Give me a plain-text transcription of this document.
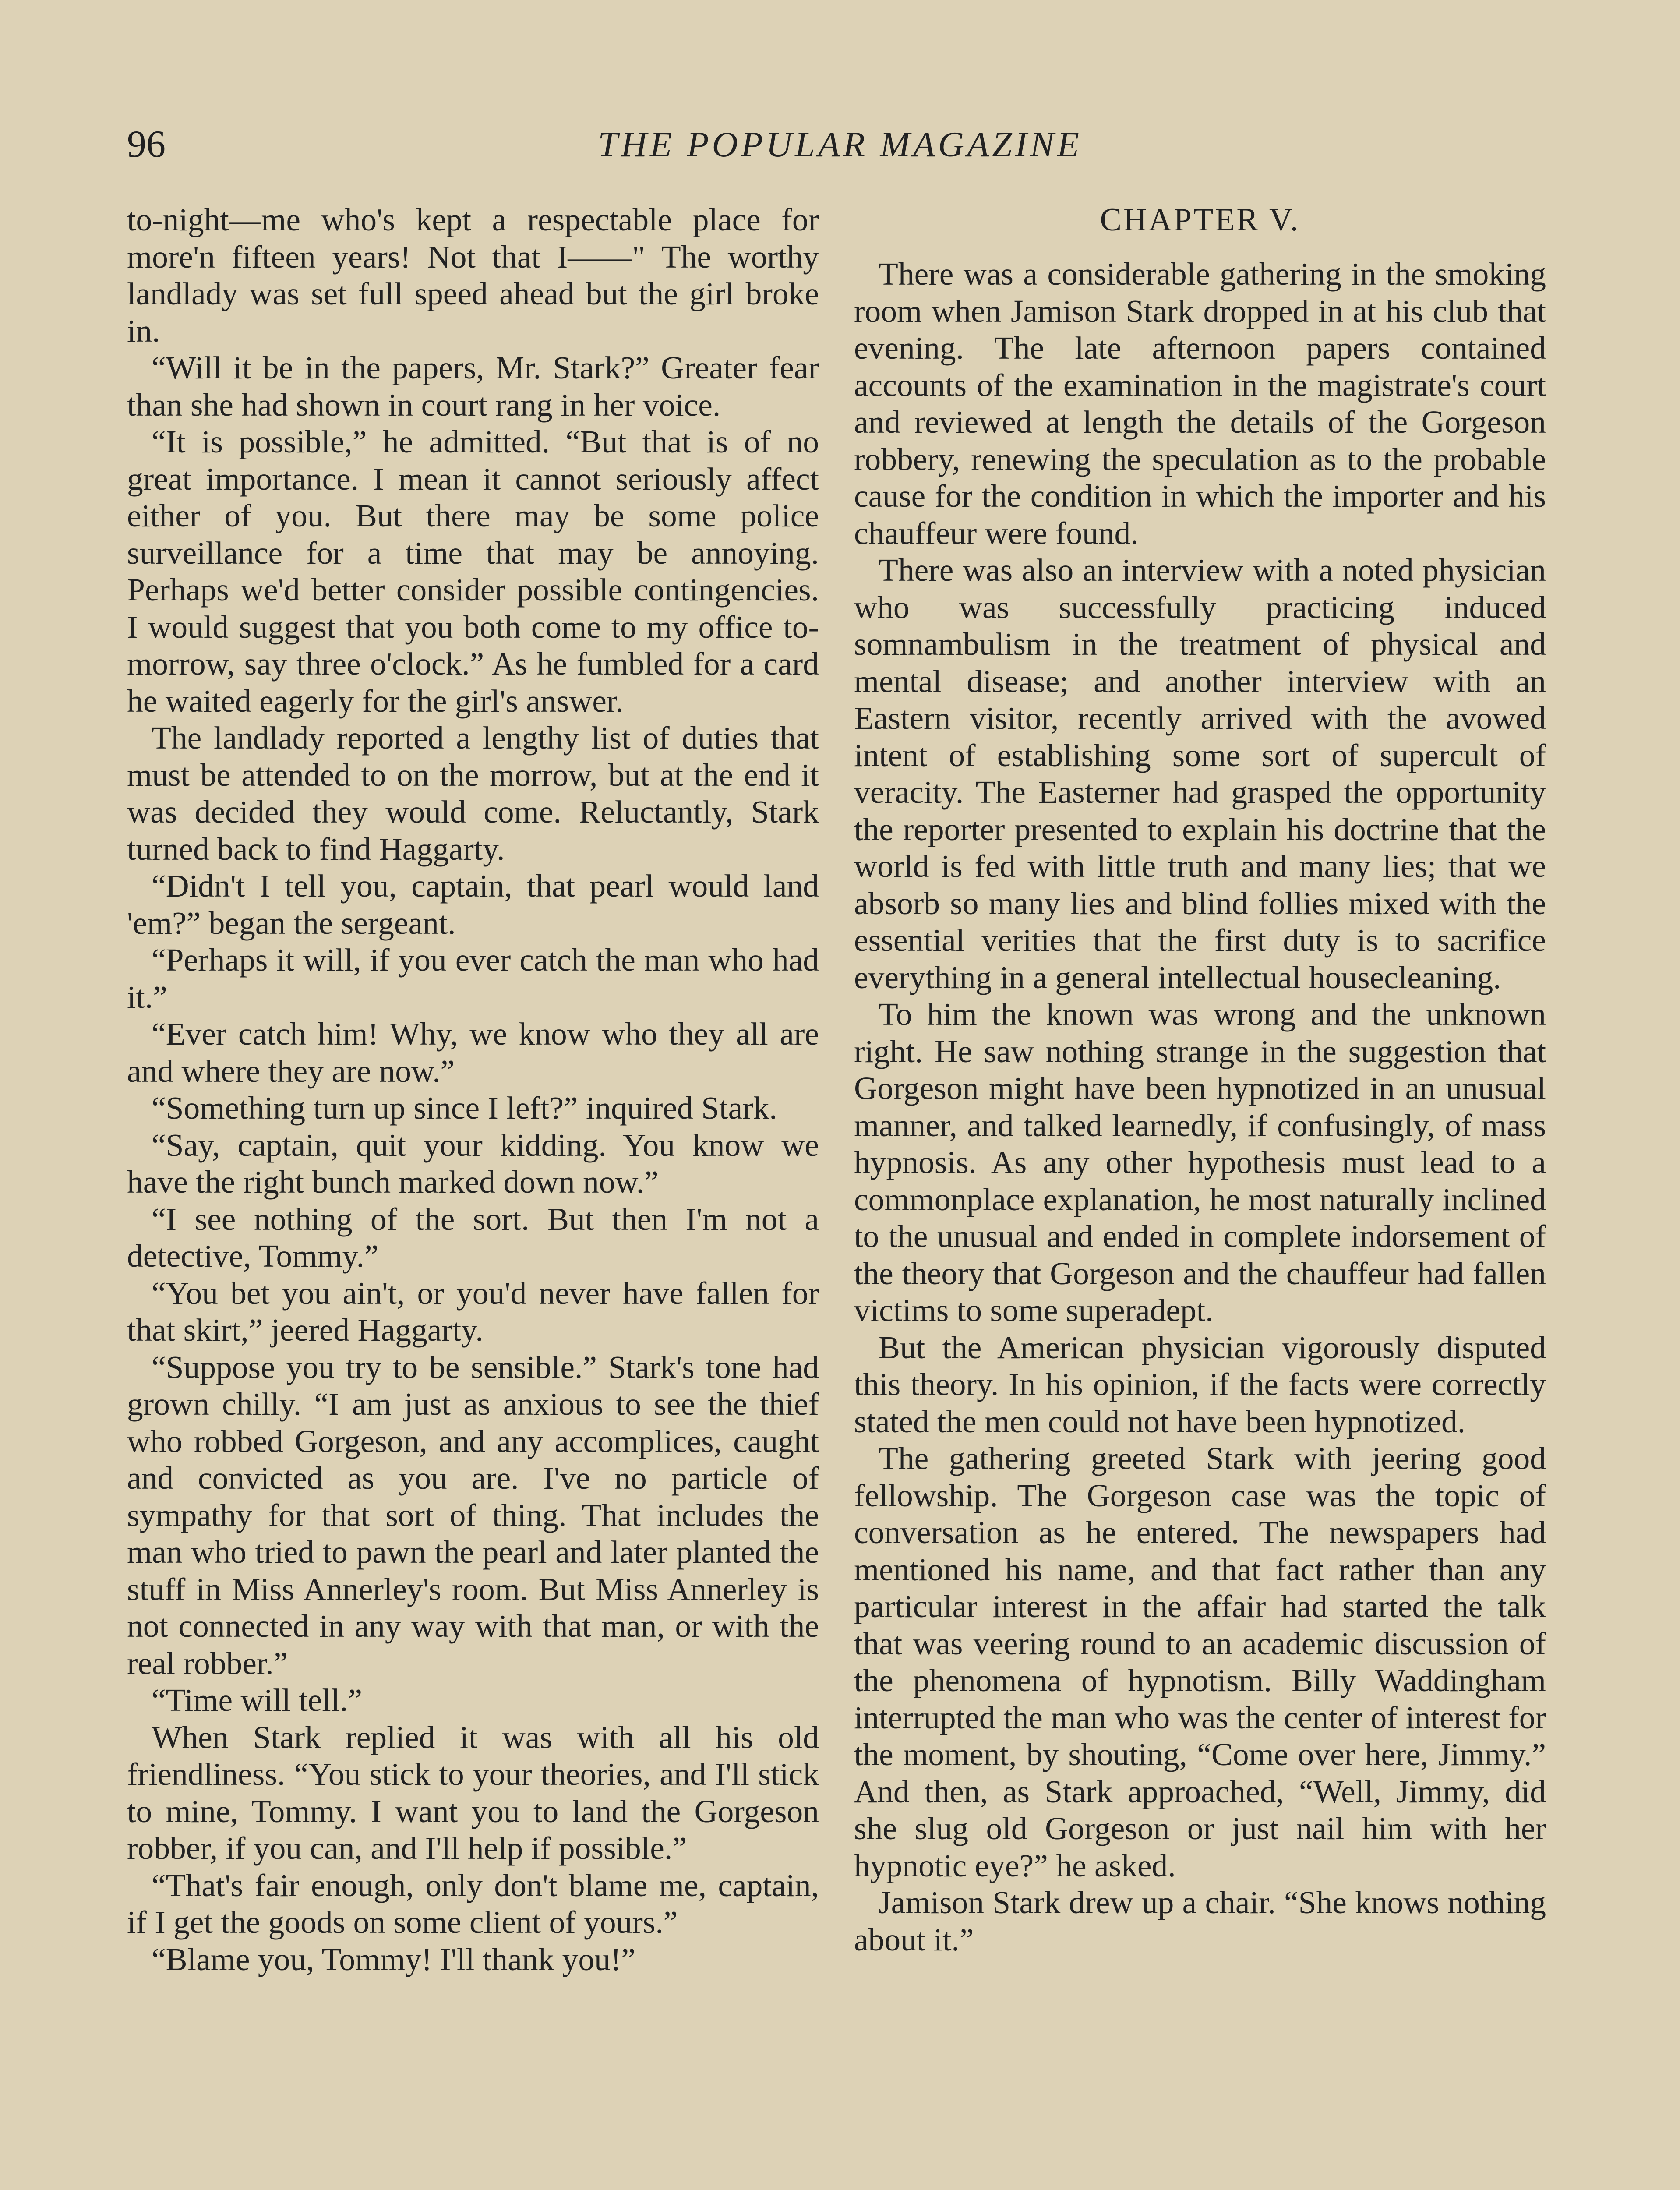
96	THE POPULAR MAGAZINE

to-night—me who's kept a respectable place for more'n fifteen years! Not that I——" The worthy landlady was set full speed ahead but the girl broke in.

“Will it be in the papers, Mr. Stark?” Greater fear than she had shown in court rang in her voice.

“It is possible,” he admitted. “But that is of no great importance. I mean it cannot seriously affect either of you. But there may be some police surveillance for a time that may be annoying. Perhaps we'd better consider possible contingencies. I would suggest that you both come to my office to-morrow, say three o'clock.” As he fumbled for a card he waited eagerly for the girl's answer.

The landlady reported a lengthy list of duties that must be attended to on the morrow, but at the end it was decided they would come. Reluctantly, Stark turned back to find Haggarty.

“Didn't I tell you, captain, that pearl would land 'em?” began the sergeant.

“Perhaps it will, if you ever catch the man who had it.”

“Ever catch him! Why, we know who they all are and where they are now.”

“Something turn up since I left?” inquired Stark.

“Say, captain, quit your kidding. You know we have the right bunch marked down now.”

“I see nothing of the sort. But then I'm not a detective, Tommy.”

“You bet you ain't, or you'd never have fallen for that skirt,” jeered Haggarty.

“Suppose you try to be sensible.” Stark's tone had grown chilly. “I am just as anxious to see the thief who robbed Gorgeson, and any accomplices, caught and convicted as you are. I've no particle of sympathy for that sort of thing. That includes the man who tried to pawn the pearl and later planted the stuff in Miss Annerley's room. But Miss Annerley is not connected in any way with that man, or with the real robber.”

“Time will tell.”

When Stark replied it was with all his old friendliness. “You stick to your theories, and I'll stick to mine, Tommy. I want you to land the Gorgeson robber, if you can, and I'll help if possible.”

“That's fair enough, only don't blame me, captain, if I get the goods on some client of yours.”

“Blame you, Tommy! I'll thank you!”

CHAPTER V.

There was a considerable gathering in the smoking room when Jamison Stark dropped in at his club that evening. The late afternoon papers contained accounts of the examination in the magistrate's court and reviewed at length the details of the Gorgeson robbery, renewing the speculation as to the probable cause for the condition in which the importer and his chauffeur were found.

There was also an interview with a noted physician who was successfully practicing induced somnambulism in the treatment of physical and mental disease; and another interview with an Eastern visitor, recently arrived with the avowed intent of establishing some sort of supercult of veracity. The Easterner had grasped the opportunity the reporter presented to explain his doctrine that the world is fed with little truth and many lies; that we absorb so many lies and blind follies mixed with the essential verities that the first duty is to sacrifice everything in a general intellectual housecleaning.

To him the known was wrong and the unknown right. He saw nothing strange in the suggestion that Gorgeson might have been hypnotized in an unusual manner, and talked learnedly, if confusingly, of mass hypnosis. As any other hypothesis must lead to a commonplace explanation, he most naturally inclined to the unusual and ended in complete indorsement of the theory that Gorgeson and the chauffeur had fallen victims to some superadept.

But the American physician vigorously disputed this theory. In his opinion, if the facts were correctly stated the men could not have been hypnotized.

The gathering greeted Stark with jeering good fellowship. The Gorgeson case was the topic of conversation as he entered. The newspapers had mentioned his name, and that fact rather than any particular interest in the affair had started the talk that was veering round to an academic discussion of the phenomena of hypnotism. Billy Waddingham interrupted the man who was the center of interest for the moment, by shouting, “Come over here, Jimmy.” And then, as Stark approached, “Well, Jimmy, did she slug old Gorgeson or just nail him with her hypnotic eye?” he asked.

Jamison Stark drew up a chair. “She knows nothing about it.”
